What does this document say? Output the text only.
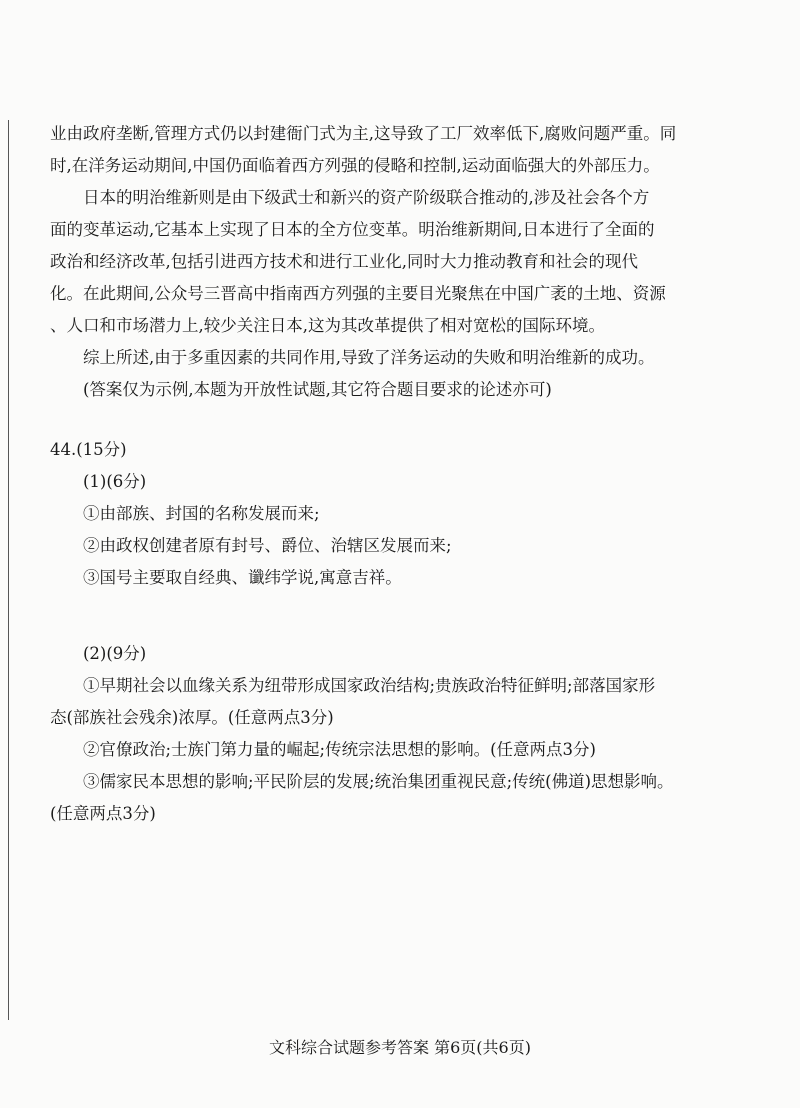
业由政府垄断,管理方式仍以封建衙门式为主,这导致了工厂效率低下,腐败问题严重。同
时,在洋务运动期间,中国仍面临着西方列强的侵略和控制,运动面临强大的外部压力。
日本的明治维新则是由下级武士和新兴的资产阶级联合推动的,涉及社会各个方
面的变革运动,它基本上实现了日本的全方位变革。明治维新期间,日本进行了全面的
政治和经济改革,包括引进西方技术和进行工业化,同时大力推动教育和社会的现代
化。在此期间,公众号三晋高中指南西方列强的主要目光聚焦在中国广袤的土地、资源
、人口和市场潜力上,较少关注日本,这为其改革提供了相对宽松的国际环境。
综上所述,由于多重因素的共同作用,导致了洋务运动的失败和明治维新的成功。
(答案仅为示例,本题为开放性试题,其它符合题目要求的论述亦可)
44.(15分)
(1)(6分)
①由部族、封国的名称发展而来;
②由政权创建者原有封号、爵位、治辖区发展而来;
③国号主要取自经典、谶纬学说,寓意吉祥。
(2)(9分)
①早期社会以血缘关系为纽带形成国家政治结构;贵族政治特征鲜明;部落国家形
态(部族社会残余)浓厚。(任意两点3分)
②官僚政治;士族门第力量的崛起;传统宗法思想的影响。(任意两点3分)
③儒家民本思想的影响;平民阶层的发展;统治集团重视民意;传统(佛道)思想影响。
(任意两点3分)
文科综合试题参考答案 第6页(共6页)
